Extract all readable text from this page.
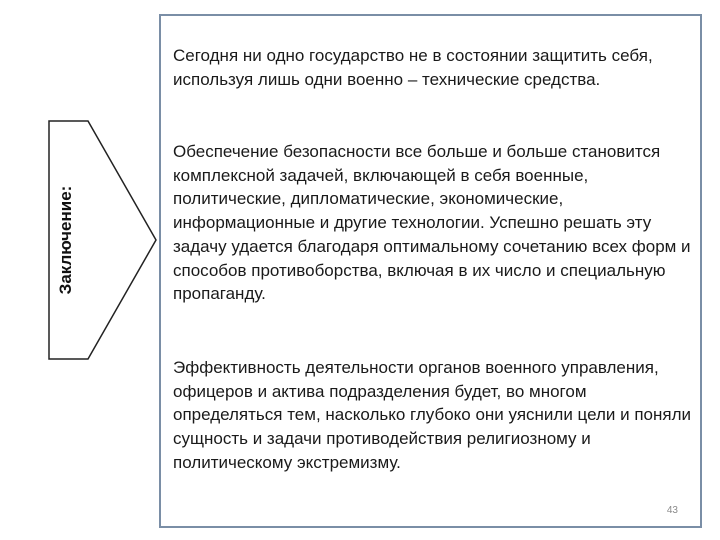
Заключение:

Сегодня ни одно государство не в состоянии защитить себя, используя лишь одни военно – технические средства.

Обеспечение безопасности все больше и больше становится комплексной задачей, включающей в себя военные, политические, дипломатические, экономические, информационные и другие технологии. Успешно решать эту задачу удается благодаря оптимальному сочетанию всех форм и способов противоборства, включая в их число и специальную пропаганду.

Эффективность деятельности органов военного управления, офицеров и актива подразделения будет, во многом определяться тем, насколько глубоко они уяснили цели и поняли сущность и задачи противодействия религиозному и политическому экстремизму.

43
